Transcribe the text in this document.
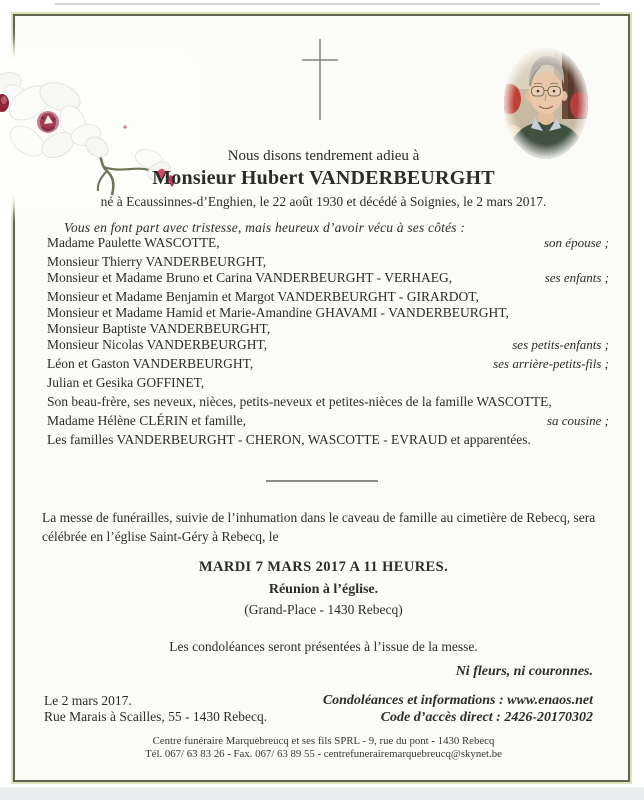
Nous disons tendrement adieu à
Monsieur Hubert VANDERBEURGHT
né à Ecaussinnes-d’Enghien, le 22 août 1930 et décédé à Soignies, le 2 mars 2017.
Vous en font part avec tristesse, mais heureux d’avoir vécu à ses côtés :
Madame Paulette WASCOTTE,	son épouse ;
Monsieur Thierry VANDERBEURGHT,
Monsieur et Madame Bruno et Carina VANDERBEURGHT - VERHAEG,	ses enfants ;
Monsieur et Madame Benjamin et Margot VANDERBEURGHT - GIRARDOT,
Monsieur et Madame Hamid et Marie-Amandine GHAVAMI - VANDERBEURGHT,
Monsieur Baptiste VANDERBEURGHT,
Monsieur Nicolas VANDERBEURGHT,	ses petits-enfants ;
Léon et Gaston VANDERBEURGHT,	ses arrière-petits-fils ;
Julian et Gesika GOFFINET,
Son beau-frère, ses neveux, nièces, petits-neveux et petites-nièces de la famille WASCOTTE,
Madame Hélène CLÉRIN et famille,	sa cousine ;
Les familles VANDERBEURGHT - CHERON, WASCOTTE - EVRAUD et apparentées.
La messe de funérailles, suivie de l’inhumation dans le caveau de famille au cimetière de Rebecq, sera célébrée en l’église Saint-Géry à Rebecq, le
MARDI 7 MARS 2017 A 11 HEURES.
Réunion à l’église.
(Grand-Place - 1430 Rebecq)
Les condoléances seront présentées à l’issue de la messe.
Ni fleurs, ni couronnes.
Le 2 mars 2017.
Rue Marais à Scailles, 55 - 1430 Rebecq.
Condoléances et informations : www.enaos.net
Code d’accès direct : 2426-20170302
Centre funéraire Marquebreucq et ses fils SPRL - 9, rue du pont - 1430 Rebecq
Tél. 067/ 63 83 26 - Fax. 067/ 63 89 55 - centrefunerairemarquebreucq@skynet.be
